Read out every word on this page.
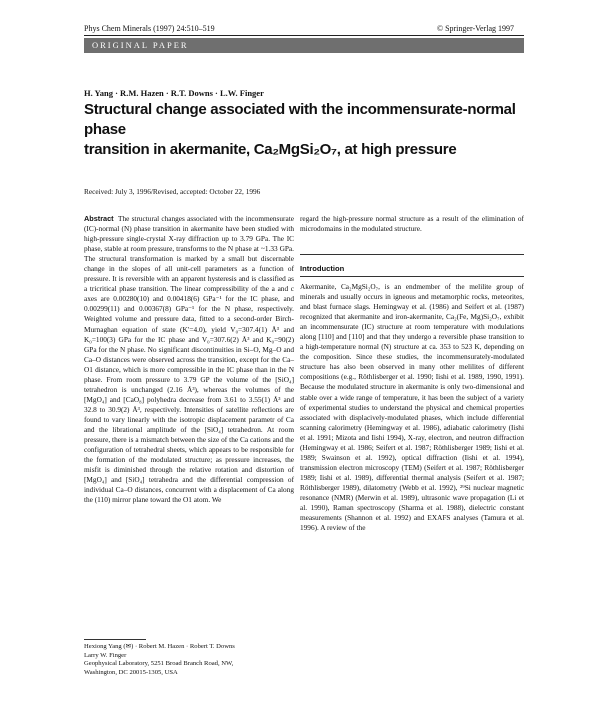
Phys Chem Minerals (1997) 24:510–519	© Springer-Verlag 1997
ORIGINAL PAPER
H. Yang · R.M. Hazen · R.T. Downs · L.W. Finger
Structural change associated with the incommensurate-normal phase
transition in akermanite, Ca₂MgSi₂O₇, at high pressure
Received: July 3, 1996/Revised, accepted: October 22, 1996

Abstract The structural changes associated with the incommensurate (IC)-normal (N) phase transition in akermanite have been studied with high-pressure single-crystal X-ray diffraction up to 3.79 GPa. The IC phase, stable at room pressure, transforms to the N phase at ~1.33 GPa. The structural transformation is marked by a small but discernable change in the slopes of all unit-cell parameters as a function of pressure. It is reversible with an apparent hysteresis and is classified as a tricritical phase transition. The linear compressibility of the a and c axes are 0.00280(10) and 0.00418(6) GPa⁻¹ for the IC phase, and 0.00299(11) and 0.00367(8) GPa⁻¹ for the N phase, respectively. Weighted volume and pressure data, fitted to a second-order Birch-Murnaghan equation of state (K′=4.0), yield V₀=307.4(1) Å³ and K₀=100(3) GPa for the IC phase and V₀=307.6(2) Å³ and K₀=90(2) GPa for the N phase. No significant discontinuities in Si–O, Mg–O and Ca–O distances were observed across the transition, except for the Ca–O1 distance, which is more compressible in the IC phase than in the N phase. From room pressure to 3.79 GP the volume of the [SiO₄] tetrahedron is unchanged (2.16 Å³), whereas the volumes of the [MgO₄] and [CaO₈] polyhedra decrease from 3.61 to 3.55(1) Å³ and 32.8 to 30.9(2) Å³, respectively. Intensities of satellite reflections are found to vary linearly with the isotropic displacement parametr of Ca and the librational amplitude of the [SiO₄] tetrahedron. At room pressure, there is a mismatch between the size of the Ca cations and the configuration of tetrahedral sheets, which appears to be responsible for the formation of the modulated structure; as pressure increases, the misfit is diminished through the relative rotation and distortion of [MgO₄] and [SiO₄] tetrahedra and the differential compression of individual Ca–O distances, concurrent with a displacement of Ca along the (110) mirror plane toward the O1 atom. We

regard the high-pressure normal structure as a result of the elimination of microdomains in the modulated structure.

Introduction

Akermanite, Ca₂MgSi₂O₇, is an endmember of the melilite group of minerals and usually occurs in igneous and metamorphic rocks, meteorites, and blast furnace slags. Hemingway et al. (1986) and Seifert et al. (1987) recognized that akermanite and iron-akermanite, Ca₂(Fe, Mg)Si₂O₇, exhibit an incommensurate (IC) structure at room temperature with modulations along [110] and [110] and that they undergo a reversible phase transition to a high-temperature normal (N) structure at ca. 353 to 523 K, depending on the composition. Since these studies, the incommensurately-modulated structure has also been observed in many other melilites of different compositions (e.g., Röthlisberger et al. 1990; Iishi et al. 1989, 1990, 1991). Because the modulated structure in akermanite is only two-dimensional and stable over a wide range of temperature, it has been the subject of a variety of experimental studies to understand the physical and chemical properties associated with displacively-modulated phases, which include differential scanning calorimetry (Hemingway et al. 1986), adiabatic calorimetry (Iishi et al. 1991; Mizota and Iishi 1994), X-ray, electron, and neutron diffraction (Hemingway et al. 1986; Seifert et al. 1987; Röthlisberger 1989; Iishi et al. 1989; Swainson et al. 1992), optical diffraction (Iishi et al. 1994), transmission electron microscopy (TEM) (Seifert et al. 1987; Röthlisberger 1989; Iishi et al. 1989), differential thermal analysis (Seifert et al. 1987; Röthlisberger 1989), dilatometry (Webb et al. 1992), ²⁹Si nuclear magnetic resonance (NMR) (Merwin et al. 1989), ultrasonic wave propagation (Li et al. 1990), Raman spectroscopy (Sharma et al. 1988), dielectric constant measurements (Shannon et al. 1992) and EXAFS analyses (Tamura et al. 1996). A review of the

Hexiong Yang (✉) · Robert M. Hazen · Robert T. Downs
Larry W. Finger
Geophysical Laboratory, 5251 Broad Branch Road, NW,
Washington, DC 20015-1305, USA
